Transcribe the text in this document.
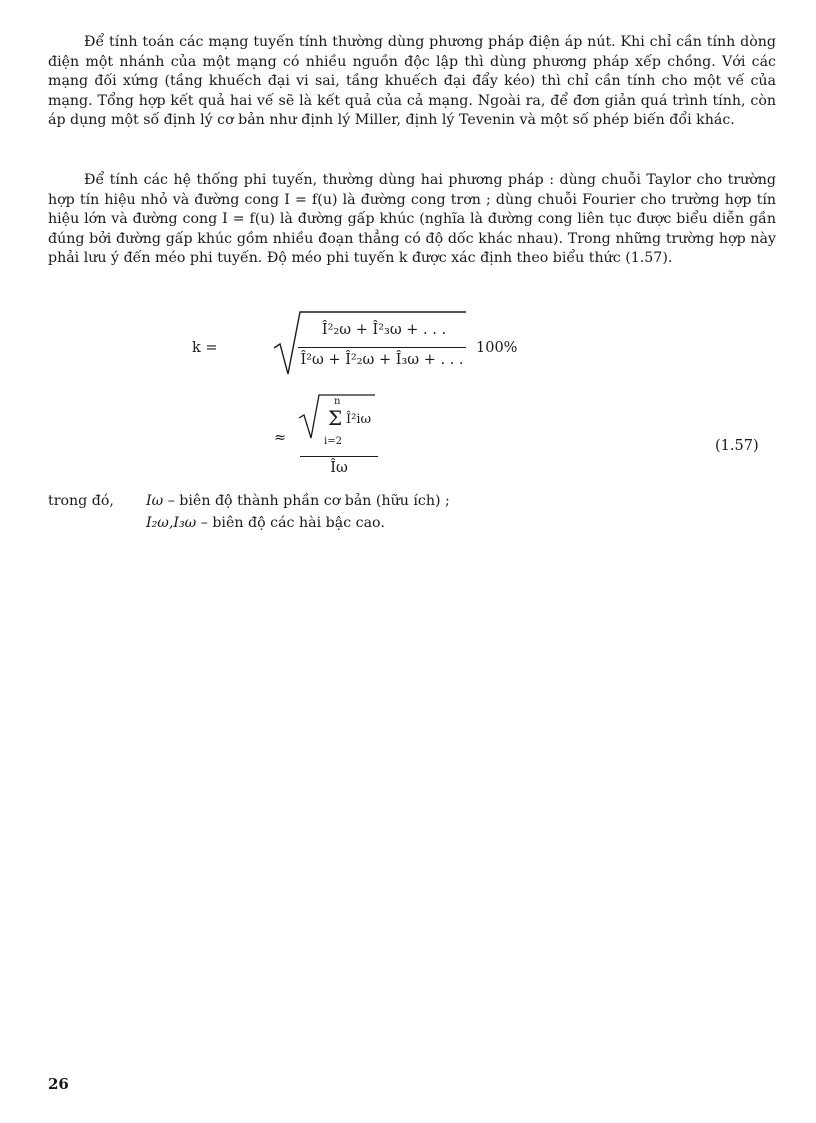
Để tính toán các mạng tuyến tính thường dùng phương pháp điện áp nút. Khi chỉ cần tính dòng điện một nhánh của một mạng có nhiều nguồn độc lập thì dùng phương pháp xếp chồng. Với các mạng đối xứng (tầng khuếch đại vi sai, tầng khuếch đại đẩy kéo) thì chỉ cần tính cho một vế của mạng. Tổng hợp kết quả hai vế sẽ là kết quả của cả mạng. Ngoài ra, để đơn giản quá trình tính, còn áp dụng một số định lý cơ bản như định lý Miller, định lý Tevenin và một số phép biến đổi khác.

Để tính các hệ thống phi tuyến, thường dùng hai phương pháp : dùng chuỗi Taylor cho trường hợp tín hiệu nhỏ và đường cong I = f(u) là đường cong trơn ; dùng chuỗi Fourier cho trường hợp tín hiệu lớn và đường cong I = f(u) là đường gấp khúc (nghĩa là đường cong liên tục được biểu diễn gần đúng bởi đường gấp khúc gồm nhiều đoạn thẳng có độ dốc khác nhau). Trong những trường hợp này phải lưu ý đến méo phi tuyến. Độ méo phi tuyến k được xác định theo biểu thức (1.57).

k =
Î²₂ω + Î²₃ω + . . .
Î²ω + Î²₂ω + Î₃ω + . . .
100%
≈
n
Σ Î²iω
i=2
Îω
(1.57)
trong đó, Iω – biên độ thành phần cơ bản (hữu ích) ;
I₂ω,I₃ω – biên độ các hài bậc cao.
26
